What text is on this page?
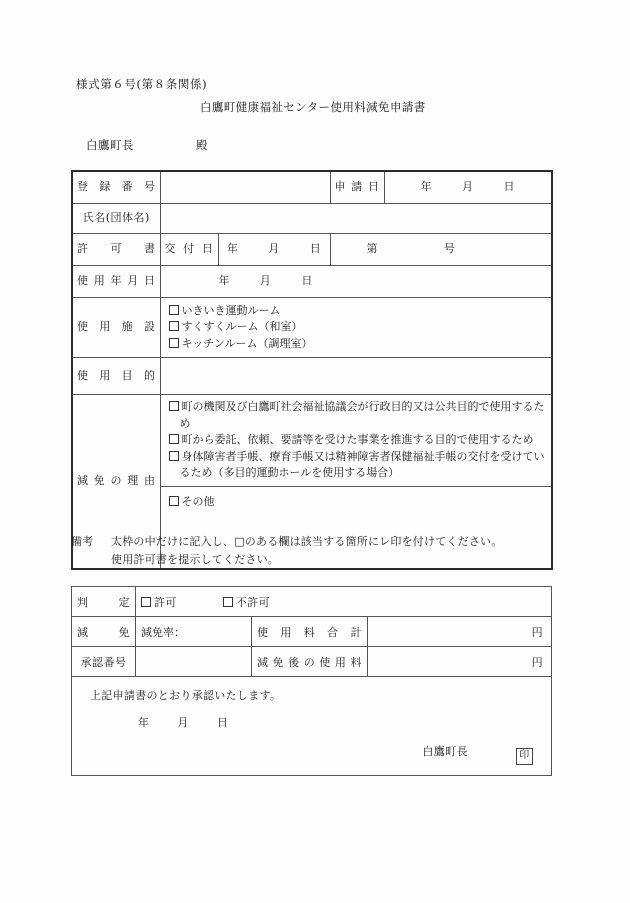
様式第６号(第８条関係)
白鷹町健康福祉センター使用料減免申請書
白鷹町長	殿
登 録 番 号			申 請 日	年 月 日
氏名(団体名)				
許　可　書	交 付 日	年 月 日	第 号	
使 用 年 月 日	年 月 日			
使 用 施 設	いきいき運動ルーム
すくすくルーム（和室）
キッチンルーム（調理室）			

使 用 目 的				
減 免 の 理 由	町の機関及び白鷹町社会福祉協議会が行政目的又は公共目的で使用するため
町から委託、依頼、要請等を受けた事業を推進する目的で使用するため
身体障害者手帳、療育手帳又は精神障害者保健福祉手帳の交付を受けているため（多目的運動ホールを使用する場合）			

	その他			
備考 太枠の中だけに記入し、□のある欄は該当する箇所にレ印を付けてください。
使用許可書を提示してください。
判　　定	許可 不許可		
減　　免	減免率：	使 用 料 合 計	円
承認番号		減 免 後 の 使 用 料	円

上記申請書のとおり承認いたします。
年 月 日
白鷹町長 印			
